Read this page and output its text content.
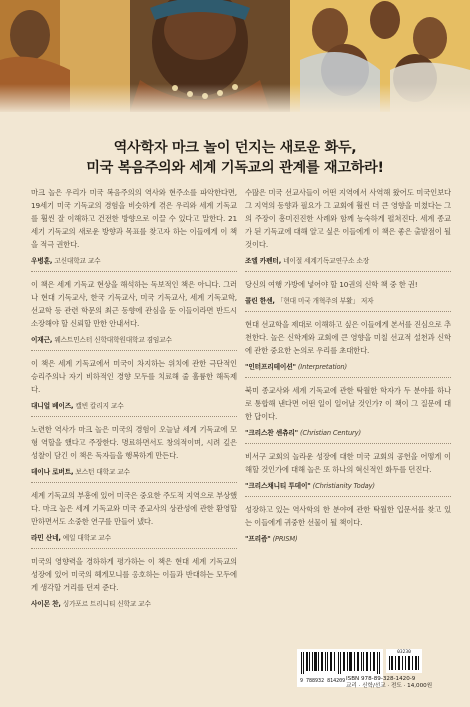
역사학자 마크 놀이 던지는 새로운 화두,
미국 복음주의와 세계 기독교의 관계를 재고하라!
마크 놀은 우리가 미국 복음주의의 역사와 현주소를 파악한다면, 19세기 미국 기독교의 경험을 비슷하게 겪은 우리와 세계 기독교를 훨씬 잘 이해하고 건전한 방향으로 이끌 수 있다고 말한다. 21세기 기독교의 새로운 방향과 목표를 찾고자 하는 이들에게 이 책을 적극 권한다.
우병훈, 고신대학교 교수
이 책은 세계 기독교 현상을 해석하는 독보적인 책은 아니다. 그러나 현대 기독교사, 한국 기독교사, 미국 기독교사, 세계 기독교학, 선교학 등 관련 학문의 최근 동향에 관심을 둔 이들이라면 반드시 소장해야 할 신뢰할 만한 안내서다.
이재근, 웨스트민스터 신학대학원대학교 겸임교수
이 책은 세계 기독교에서 미국이 차지하는 위치에 관한 극단적인 승리주의나 자기 비하적인 경향 모두를 치료해 줄 훌륭한 해독제다.
대니얼 베이즈, 캘빈 칼리지 교수
노련한 역사가 마크 놀은 미국의 경험이 오늘날 세계 기독교에 모형 역할을 했다고 주장한다. 명료하면서도 창의적이며, 시려 깊은 성찰이 담긴 이 책은 독자들을 행복하게 만든다.
데이나 로버트, 보스턴 대학교 교수
세계 기독교의 부흥에 있어 미국은 중요한 주도적 지역으로 부상했다. 마크 놀은 세계 기독교와 미국 종교사의 상관성에 관한 환영할 만하면서도 소중한 연구를 만들어 냈다.
라민 산네, 예일 대학교 교수
미국의 영향력을 경하하게 평가하는 이 책은 현대 세계 기독교의 성장에 있어 미국의 헤게모니를 옹호하는 이들과 반대하는 모두에게 생각할 거리를 던져 준다.
사이몬 찬, 싱가포르 트리니티 신학교 교수
수많은 미국 선교사들이 어떤 지역에서 사역해 왔어도 미국인보다 그 지역의 동향과 필요가 그 교회에 훨씬 더 큰 영향을 미쳤다는 그의 주장이 흥미진진한 사례와 함께 능숙하게 펼쳐진다. 세계 종교가 된 기독교에 대해 알고 싶은 이들에게 이 책은 좋은 출발점이 될 것이다.
조엘 카펜터, 네이절 세계기독교연구소 소장
당신의 여행 가방에 넣어야 할 10권의 신학 책 중 한 권!
콜린 한센, 「현대 미국 개혁주의 부활」 저자
현대 선교학을 제대로 이해하고 싶은 이들에게 본서를 진심으로 추천한다. 놀은 신학계와 교회에 큰 영향을 미칠 선교적 설천과 신학에 관한 중요한 논의로 우리를 초대한다.
"인터프리테이션" (Interpretation)
북미 종교사와 세계 기독교에 관한 탁월한 학자가 두 분야를 하나로 통합해 낸다면 어떤 일이 일어날 것인가? 이 책이 그 질문에 대한 답이다.
"크리스찬 센츄리" (Christian Century)
비서구 교회의 놀라운 성장에 대한 미국 교회의 공헌을 어떻게 이해할 것인가에 대해 놀은 또 하나의 혁신적인 화두를 던진다.
"크리스채니티 투데이" (Christianity Today)
성장하고 있는 역사학의 한 분야에 관한 탁월한 입문서를 찾고 있는 이들에게 귀중한 선물이 될 책이다.
"프리즘" (PRISM)
9 788932 814209
03230
ISBN 978-89-328-1420-9
교리 · 신학/선교 · 전도 · 14,000원
